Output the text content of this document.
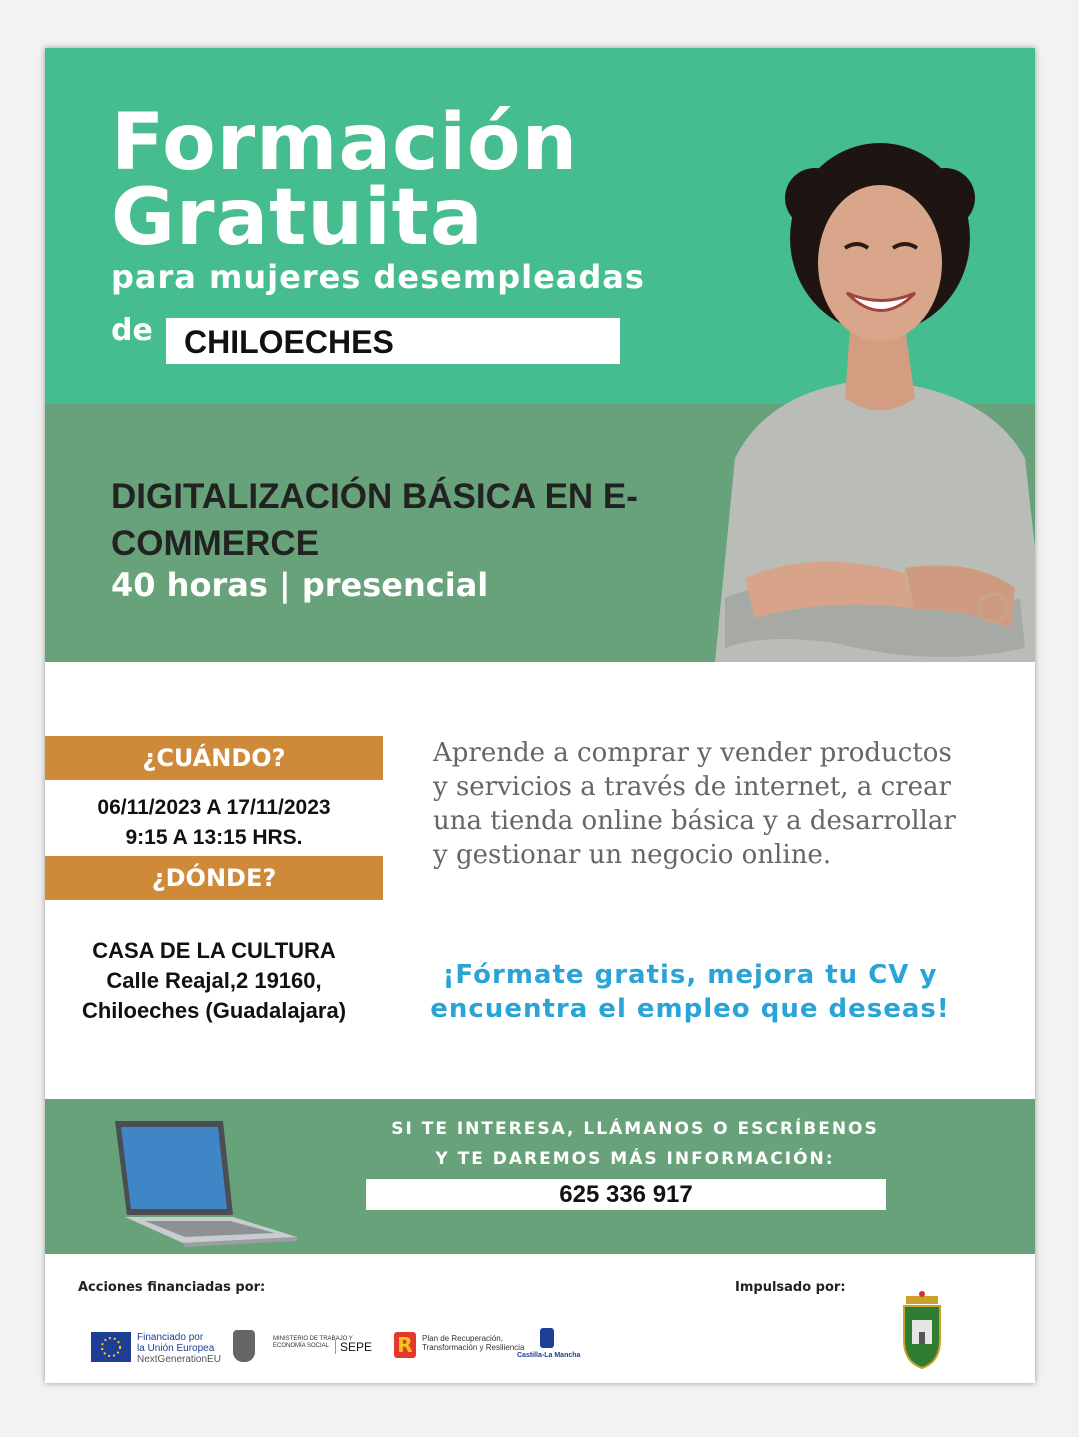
Formación
Gratuita
para mujeres desempleadas
de CHILOECHES
DIGITALIZACIÓN BÁSICA EN E-COMMERCE
40 horas | presencial
¿CUÁNDO?
06/11/2023 A 17/11/2023
9:15 A 13:15 HRS.
¿DÓNDE?
CASA DE LA CULTURA
Calle Reajal,2 19160,
Chiloeches (Guadalajara)
Aprende a comprar y vender productos y servicios a través de internet, a crear una tienda online básica y a desarrollar y gestionar un negocio online.
¡Fórmate gratis, mejora tu CV y encuentra el empleo que deseas!
SI TE INTERESA, LLÁMANOS O ESCRÍBENOS
Y TE DAREMOS MÁS INFORMACIÓN:
625 336 917
Acciones financiadas por:	Impulsado por:
Financiado por
la Unión Europea
NextGenerationEU
MINISTERIO DE TRABAJO Y ECONOMÍA SOCIAL SEPE R	Plan de Recuperación, Transformación y Resiliencia
Castilla-La Mancha
